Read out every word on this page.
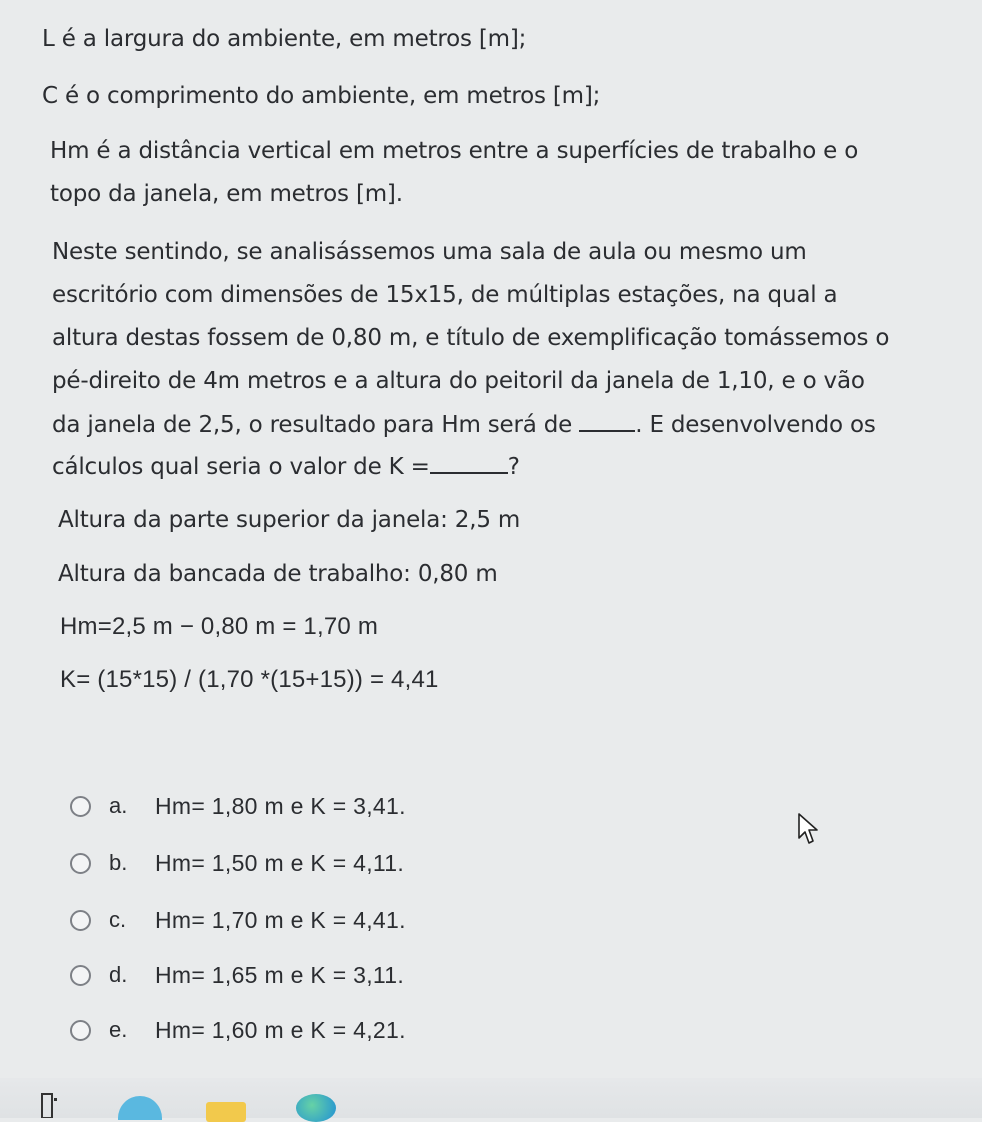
L é a largura do ambiente, em metros [m];
C é o comprimento do ambiente, em metros [m];
Hm é a distância vertical em metros entre a superfícies de trabalho e o
topo da janela, em metros [m].
Neste sentindo, se analisássemos uma sala de aula ou mesmo um
escritório com dimensões de 15x15, de múltiplas estações, na qual a
altura destas fossem de 0,80 m, e título de exemplificação tomássemos o
pé-direito de 4m metros e a altura do peitoril da janela de 1,10, e o vão
da janela de 2,5, o resultado para Hm será de . E desenvolvendo os
cálculos qual seria o valor de K =	?
Altura da parte superior da janela: 2,5 m
Altura da bancada de trabalho: 0,80 m
Hm=2,5 m − 0,80 m = 1,70 m
K= (15*15) / (1,70 *(15+15)) = 4,41
a.	Hm= 1,80 m e K = 3,41.
b.	Hm= 1,50 m e K = 4,11.
c.	Hm= 1,70 m e K = 4,41.
d.	Hm= 1,65 m e K = 3,11.
e.	Hm= 1,60 m e K = 4,21.
